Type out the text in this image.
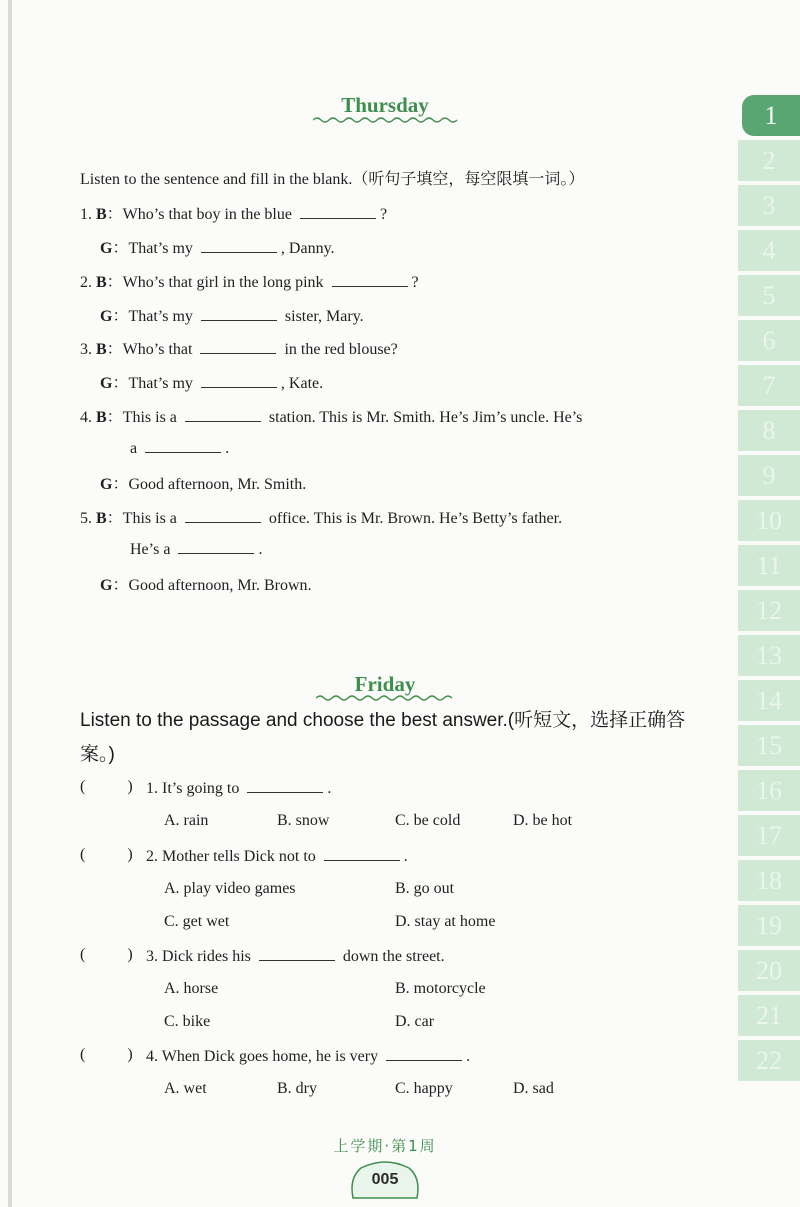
Thursday
Listen to the sentence and fill in the blank.（听句子填空，每空限填一词。）
1. B：Who’s that boy in the blue	?
G：That’s my	, Danny.
2. B：Who’s that girl in the long pink	?
G：That’s my	sister, Mary.
3. B：Who’s that	in the red blouse?
G：That’s my	, Kate.
4. B：This is a	station. This is Mr. Smith. He’s Jim’s uncle. He’s
a	.
G：Good afternoon, Mr. Smith.
5. B：This is a	office. This is Mr. Brown. He’s Betty’s father.
He’s a	.
G：Good afternoon, Mr. Brown.
Friday
Listen to the passage and choose the best answer.(听短文，选择正确答案。)
(	) 1. It’s going to	.
A. rain	B. snow	C. be cold	D. be hot
(	) 2. Mother tells Dick not to	.
A. play video games	B. go out
C. get wet	D. stay at home
(	) 3. Dick rides his	down the street.
A. horse	B. motorcycle
C. bike	D. car
(	) 4. When Dick goes home, he is very	.
A. wet	B. dry	C. happy	D. sad
1
2
3
4
5
6
7
8
9
10
11
12
13
14
15
16
17
18
19
20
21
22
上学期·第1周
005
